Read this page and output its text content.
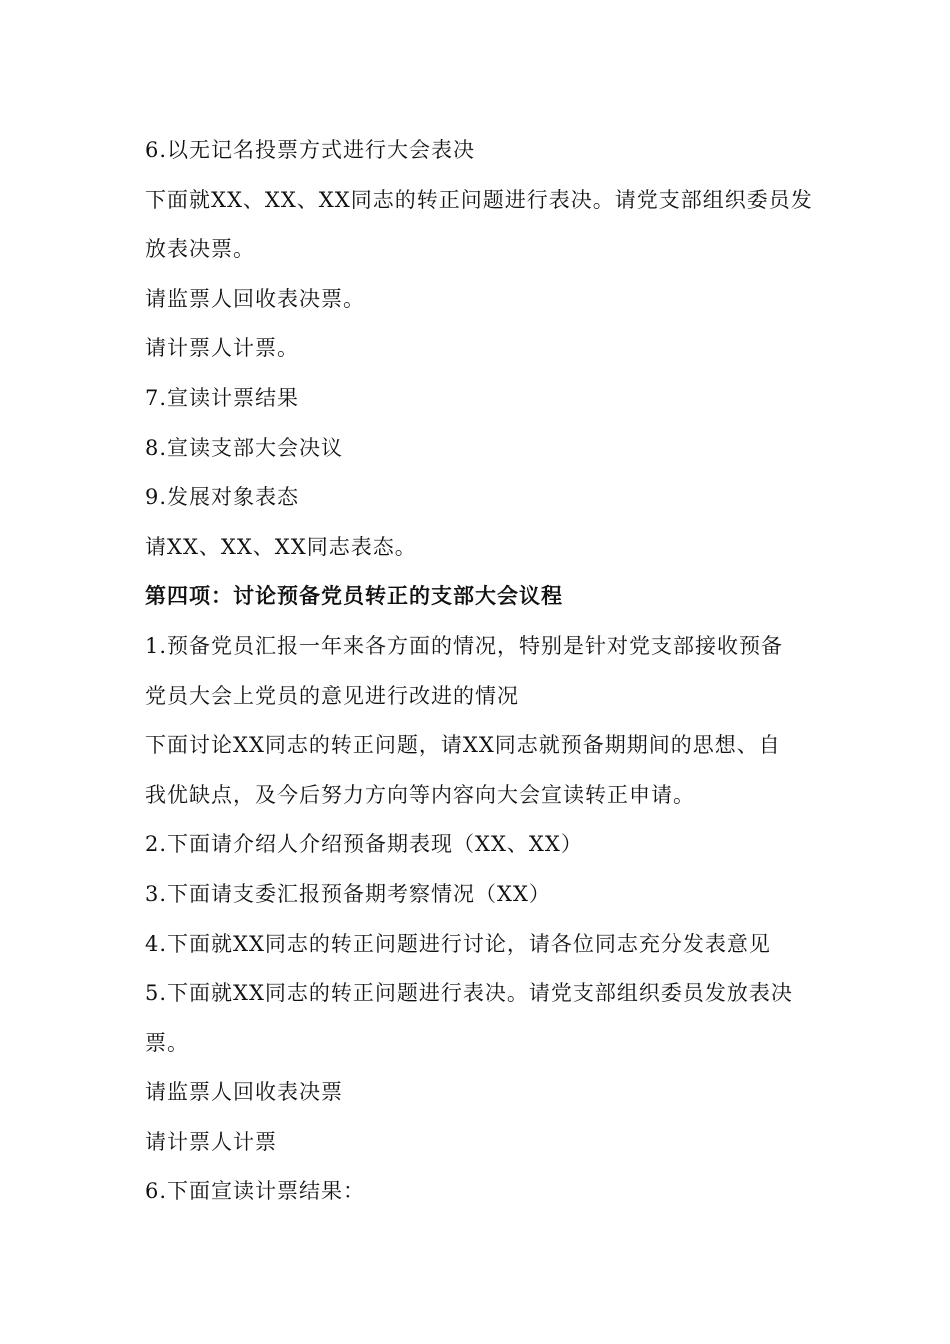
6.以无记名投票方式进行大会表决
下面就XX、XX、XX同志的转正问题进行表决。请党支部组织委员发
放表决票。
请监票人回收表决票。
请计票人计票。
7.宣读计票结果
8.宣读支部大会决议
9.发展对象表态
请XX、XX、XX同志表态。
第四项：讨论预备党员转正的支部大会议程
1.预备党员汇报一年来各方面的情况，特别是针对党支部接收预备
党员大会上党员的意见进行改进的情况
下面讨论XX同志的转正问题，请XX同志就预备期期间的思想、自
我优缺点，及今后努力方向等内容向大会宣读转正申请。
2.下面请介绍人介绍预备期表现（XX、XX）
3.下面请支委汇报预备期考察情况（XX）
4.下面就XX同志的转正问题进行讨论，请各位同志充分发表意见
5.下面就XX同志的转正问题进行表决。请党支部组织委员发放表决
票。
请监票人回收表决票
请计票人计票
6.下面宣读计票结果：
